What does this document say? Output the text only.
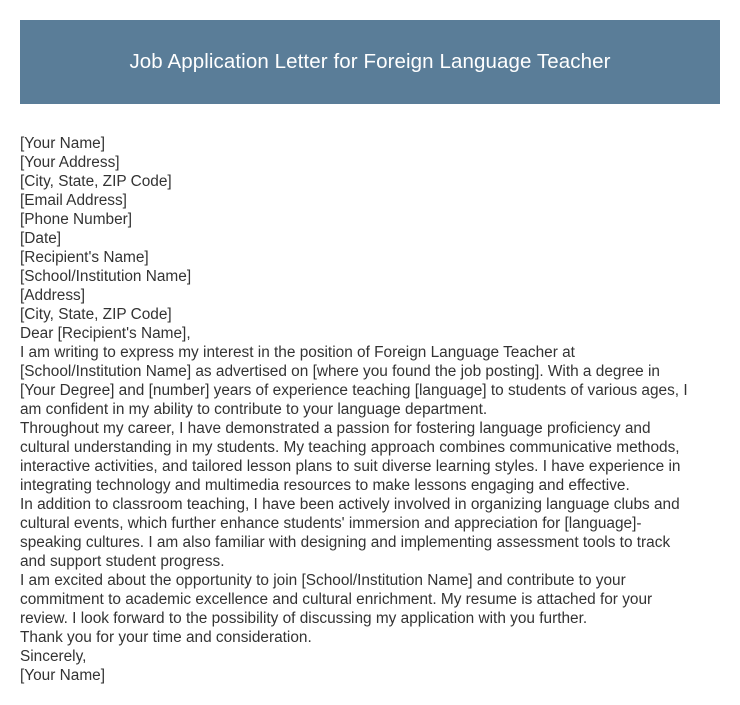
Job Application Letter for Foreign Language Teacher
[Your Name]
[Your Address]
[City, State, ZIP Code]
[Email Address]
[Phone Number]
[Date]
[Recipient's Name]
[School/Institution Name]
[Address]
[City, State, ZIP Code]
Dear [Recipient's Name],
I am writing to express my interest in the position of Foreign Language Teacher at
[School/Institution Name] as advertised on [where you found the job posting]. With a degree in
[Your Degree] and [number] years of experience teaching [language] to students of various ages, I
am confident in my ability to contribute to your language department.
Throughout my career, I have demonstrated a passion for fostering language proficiency and
cultural understanding in my students. My teaching approach combines communicative methods,
interactive activities, and tailored lesson plans to suit diverse learning styles. I have experience in
integrating technology and multimedia resources to make lessons engaging and effective.
In addition to classroom teaching, I have been actively involved in organizing language clubs and
cultural events, which further enhance students' immersion and appreciation for [language]-
speaking cultures. I am also familiar with designing and implementing assessment tools to track
and support student progress.
I am excited about the opportunity to join [School/Institution Name] and contribute to your
commitment to academic excellence and cultural enrichment. My resume is attached for your
review. I look forward to the possibility of discussing my application with you further.
Thank you for your time and consideration.
Sincerely,
[Your Name]
